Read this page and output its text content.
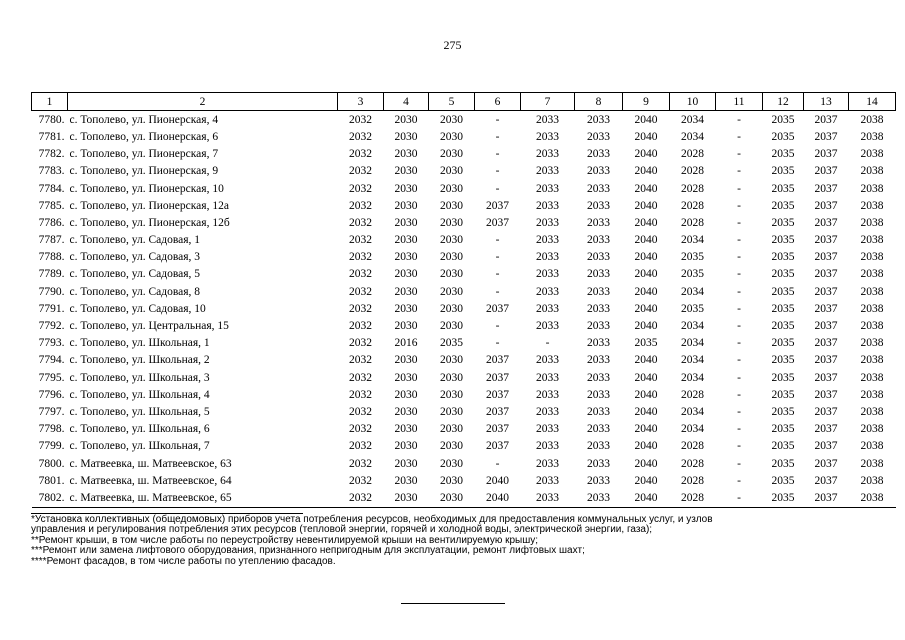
275
1	2	3	4	5	6	7	8	9	10	11	12	13	14
7780.	с. Тополево, ул. Пионерская, 4	2032	2030	2030	-	2033	2033	2040	2034	-	2035	2037	2038
7781.	с. Тополево, ул. Пионерская, 6	2032	2030	2030	-	2033	2033	2040	2034	-	2035	2037	2038
7782.	с. Тополево, ул. Пионерская, 7	2032	2030	2030	-	2033	2033	2040	2028	-	2035	2037	2038
7783.	с. Тополево, ул. Пионерская, 9	2032	2030	2030	-	2033	2033	2040	2028	-	2035	2037	2038
7784.	с. Тополево, ул. Пионерская, 10	2032	2030	2030	-	2033	2033	2040	2028	-	2035	2037	2038
7785.	с. Тополево, ул. Пионерская, 12а	2032	2030	2030	2037	2033	2033	2040	2028	-	2035	2037	2038
7786.	с. Тополево, ул. Пионерская, 12б	2032	2030	2030	2037	2033	2033	2040	2028	-	2035	2037	2038
7787.	с. Тополево, ул. Садовая, 1	2032	2030	2030	-	2033	2033	2040	2034	-	2035	2037	2038
7788.	с. Тополево, ул. Садовая, 3	2032	2030	2030	-	2033	2033	2040	2035	-	2035	2037	2038
7789.	с. Тополево, ул. Садовая, 5	2032	2030	2030	-	2033	2033	2040	2035	-	2035	2037	2038
7790.	с. Тополево, ул. Садовая, 8	2032	2030	2030	-	2033	2033	2040	2034	-	2035	2037	2038
7791.	с. Тополево, ул. Садовая, 10	2032	2030	2030	2037	2033	2033	2040	2035	-	2035	2037	2038
7792.	с. Тополево, ул. Центральная, 15	2032	2030	2030	-	2033	2033	2040	2034	-	2035	2037	2038
7793.	с. Тополево, ул. Школьная, 1	2032	2016	2035	-	-	2033	2035	2034	-	2035	2037	2038
7794.	с. Тополево, ул. Школьная, 2	2032	2030	2030	2037	2033	2033	2040	2034	-	2035	2037	2038
7795.	с. Тополево, ул. Школьная, 3	2032	2030	2030	2037	2033	2033	2040	2034	-	2035	2037	2038
7796.	с. Тополево, ул. Школьная, 4	2032	2030	2030	2037	2033	2033	2040	2028	-	2035	2037	2038
7797.	с. Тополево, ул. Школьная, 5	2032	2030	2030	2037	2033	2033	2040	2034	-	2035	2037	2038
7798.	с. Тополево, ул. Школьная, 6	2032	2030	2030	2037	2033	2033	2040	2034	-	2035	2037	2038
7799.	с. Тополево, ул. Школьная, 7	2032	2030	2030	2037	2033	2033	2040	2028	-	2035	2037	2038
7800.	с. Матвеевка, ш. Матвеевское, 63	2032	2030	2030	-	2033	2033	2040	2028	-	2035	2037	2038
7801.	с. Матвеевка, ш. Матвеевское, 64	2032	2030	2030	2040	2033	2033	2040	2028	-	2035	2037	2038
7802.	с. Матвеевка, ш. Матвеевское, 65	2032	2030	2030	2040	2033	2033	2040	2028	-	2035	2037	2038
*Установка коллективных (общедомовых) приборов учета потребления ресурсов, необходимых для предоставления коммунальных услуг, и узлов
управления и регулирования потребления этих ресурсов (тепловой энергии, горячей и холодной воды, электрической энергии, газа);
**Ремонт крыши, в том числе работы по переустройству невентилируемой крыши на вентилируемую крышу;
***Ремонт или замена лифтового оборудования, признанного непригодным для эксплуатации, ремонт лифтовых шахт;
****Ремонт фасадов, в том числе работы по утеплению фасадов.
